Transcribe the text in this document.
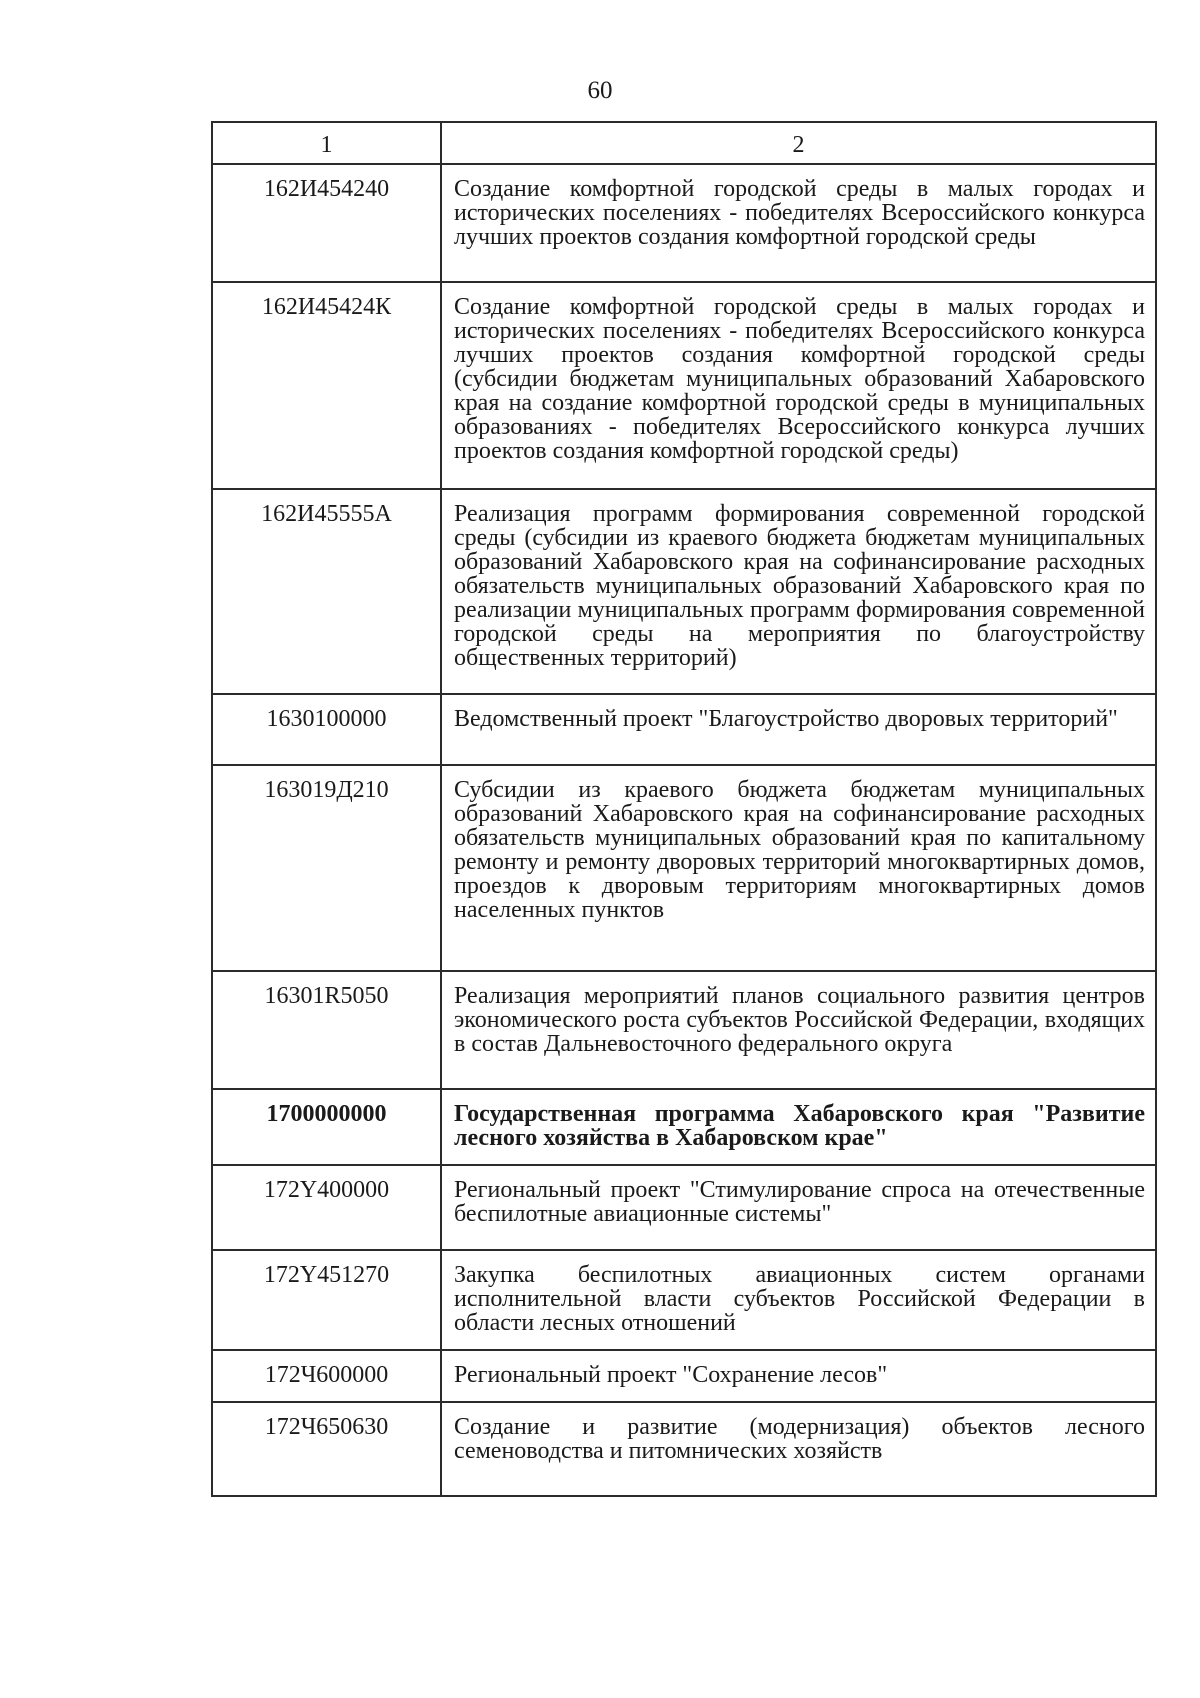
60
1	2
162И454240	Создание комфортной городской среды в малых городах и исторических поселениях - победителях Всероссийского конкурса лучших проектов создания комфортной городской среды
162И45424К	Создание комфортной городской среды в малых городах и исторических поселениях - победителях Всероссийского конкурса лучших проектов создания комфортной городской среды (субсидии бюджетам муниципальных образований Хабаровского края на создание комфортной городской среды в муниципальных образованиях - победителях Всероссийского конкурса лучших проектов создания комфортной городской среды)
162И45555А	Реализация программ формирования современной городской среды (субсидии из краевого бюджета бюджетам муниципальных образований Хабаровского края на софинансирование расходных обязательств муниципальных образований Хабаровского края по реализации муниципальных программ формирования современной городской среды на мероприятия по благоустройству общественных территорий)
1630100000	Ведомственный проект "Благоустройство дворовых территорий"
163019Д210	Субсидии из краевого бюджета бюджетам муниципальных образований Хабаровского края на софинансирование расходных обязательств муниципальных образований края по капитальному ремонту и ремонту дворовых территорий многоквартирных домов, проездов к дворовым территориям многоквартирных домов населенных пунктов
16301R5050	Реализация мероприятий планов социального развития центров экономического роста субъектов Российской Федерации, входящих в состав Дальневосточного федерального округа
1700000000	Государственная программа Хабаровского края "Развитие лесного хозяйства в Хабаровском крае"
172Y400000	Региональный проект "Стимулирование спроса на отечественные беспилотные авиационные системы"
172Y451270	Закупка беспилотных авиационных систем органами исполнительной власти субъектов Российской Федерации в области лесных отношений
172Ч600000	Региональный проект "Сохранение лесов"
172Ч650630	Создание и развитие (модернизация) объектов лесного семеноводства и питомнических хозяйств
